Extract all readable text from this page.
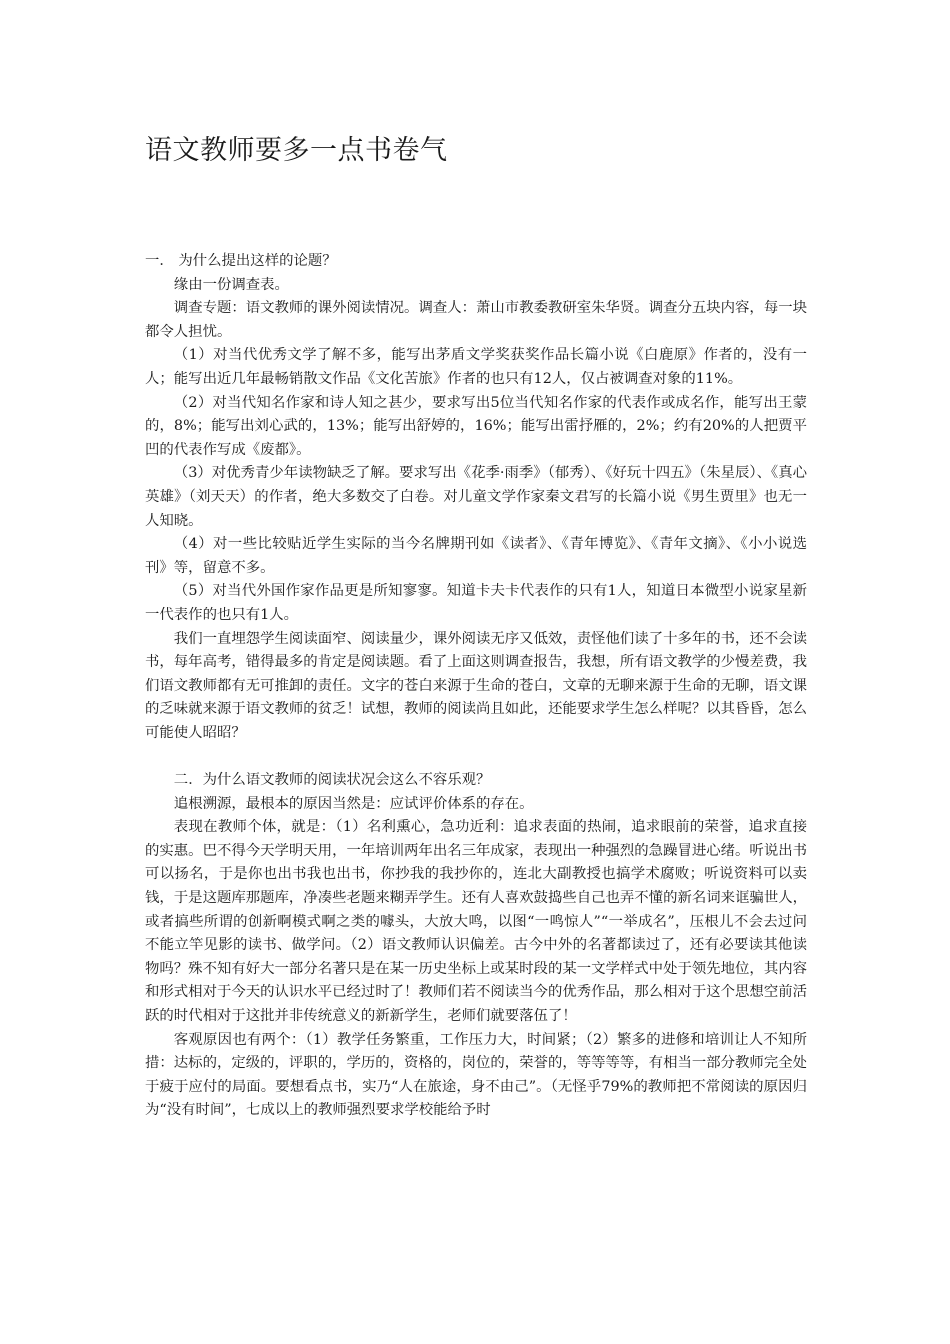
语文教师要多一点书卷气

一． 为什么提出这样的论题？

缘由一份调查表。

调查专题：语文教师的课外阅读情况。调查人：萧山市教委教研室朱华贤。调查分五块内容，每一块都令人担忧。

（1）对当代优秀文学了解不多，能写出茅盾文学奖获奖作品长篇小说《白鹿原》作者的，没有一人；能写出近几年最畅销散文作品《文化苦旅》作者的也只有12人，仅占被调查对象的11%。

（2）对当代知名作家和诗人知之甚少，要求写出5位当代知名作家的代表作或成名作，能写出王蒙的，8%；能写出刘心武的，13%；能写出舒婷的，16%；能写出雷抒雁的，2%；约有20%的人把贾平凹的代表作写成《废都》。

（3）对优秀青少年读物缺乏了解。要求写出《花季·雨季》（郁秀）、《好玩十四五》（朱星辰）、《真心英雄》（刘天天）的作者，绝大多数交了白卷。对儿童文学作家秦文君写的长篇小说《男生贾里》也无一人知晓。

（4）对一些比较贴近学生实际的当今名牌期刊如《读者》、《青年博览》、《青年文摘》、《小小说选刊》等，留意不多。

（5）对当代外国作家作品更是所知寥寥。知道卡夫卡代表作的只有1人，知道日本微型小说家星新一代表作的也只有1人。

我们一直埋怨学生阅读面窄、阅读量少，课外阅读无序又低效，责怪他们读了十多年的书，还不会读书，每年高考，错得最多的肯定是阅读题。看了上面这则调查报告，我想，所有语文教学的少慢差费，我们语文教师都有无可推卸的责任。文字的苍白来源于生命的苍白，文章的无聊来源于生命的无聊，语文课的乏味就来源于语文教师的贫乏！试想，教师的阅读尚且如此，还能要求学生怎么样呢？以其昏昏，怎么可能使人昭昭？

二．为什么语文教师的阅读状况会这么不容乐观？

追根溯源，最根本的原因当然是：应试评价体系的存在。

表现在教师个体，就是：（1）名利熏心，急功近利：追求表面的热闹，追求眼前的荣誉，追求直接的实惠。巴不得今天学明天用，一年培训两年出名三年成家，表现出一种强烈的急躁冒进心绪。听说出书可以扬名，于是你也出书我也出书，你抄我的我抄你的，连北大副教授也搞学术腐败；听说资料可以卖钱，于是这题库那题库，净凑些老题来糊弄学生。还有人喜欢鼓捣些自己也弄不懂的新名词来诓骗世人，或者搞些所谓的创新啊模式啊之类的噱头，大放大鸣，以图“一鸣惊人”“一举成名”，压根儿不会去过问不能立竿见影的读书、做学问。（2）语文教师认识偏差。古今中外的名著都读过了，还有必要读其他读物吗？殊不知有好大一部分名著只是在某一历史坐标上或某时段的某一文学样式中处于领先地位，其内容和形式相对于今天的认识水平已经过时了！教师们若不阅读当今的优秀作品，那么相对于这个思想空前活跃的时代相对于这批并非传统意义的新新学生，老师们就要落伍了！

客观原因也有两个：（1）教学任务繁重，工作压力大，时间紧；（2）繁多的进修和培训让人不知所措：达标的，定级的，评职的，学历的，资格的，岗位的，荣誉的，等等等等，有相当一部分教师完全处于疲于应付的局面。要想看点书，实乃“人在旅途，身不由己”。（无怪乎79%的教师把不常阅读的原因归为“没有时间”，七成以上的教师强烈要求学校能给予时
